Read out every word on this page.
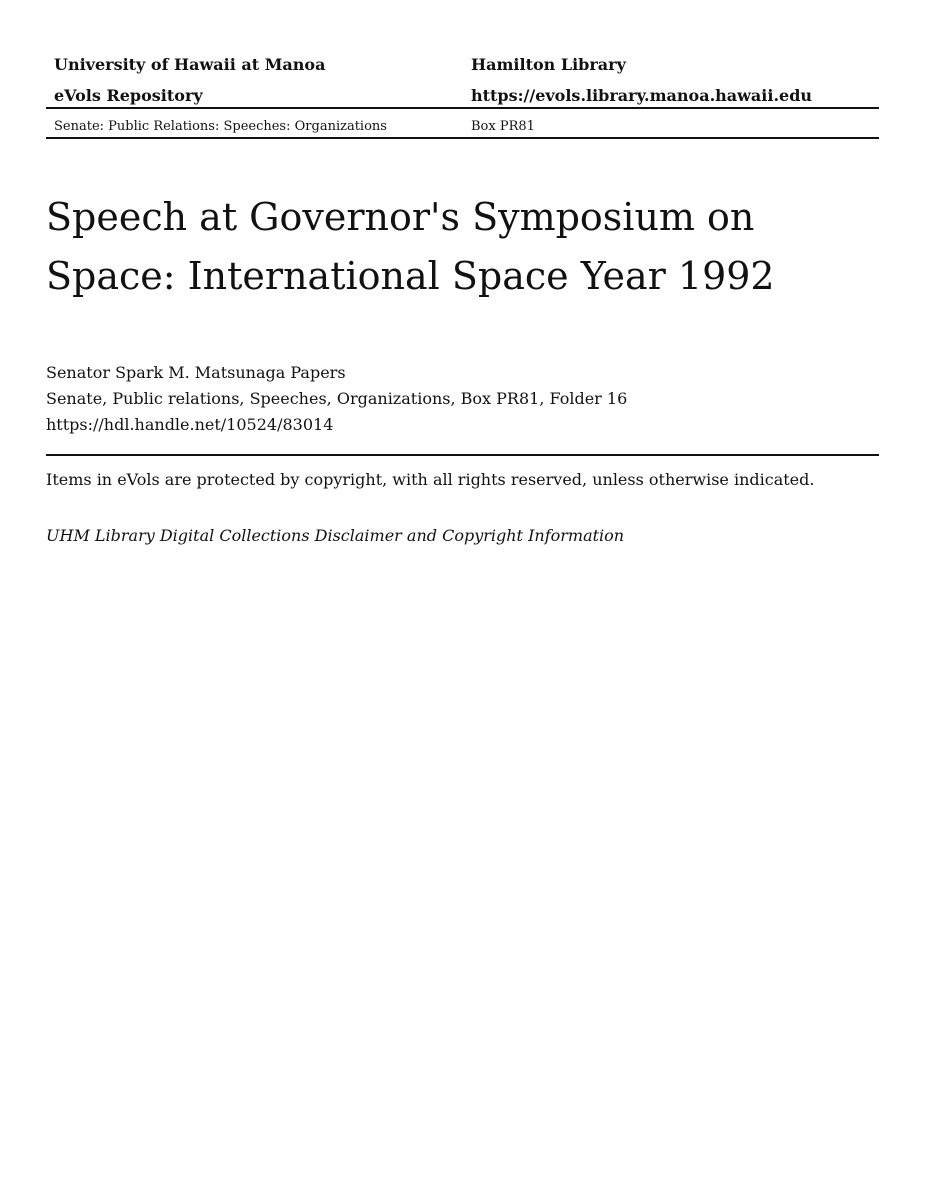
University of Hawaii at Manoa	Hamilton Library
eVols Repository	https://evols.library.manoa.hawaii.edu
Senate: Public Relations: Speeches: Organizations	Box PR81
Speech at Governor's Symposium on
Space: International Space Year 1992
Senator Spark M. Matsunaga Papers
Senate, Public relations, Speeches, Organizations, Box PR81, Folder 16
https://hdl.handle.net/10524/83014
Items in eVols are protected by copyright, with all rights reserved, unless otherwise indicated.
UHM Library Digital Collections Disclaimer and Copyright Information
